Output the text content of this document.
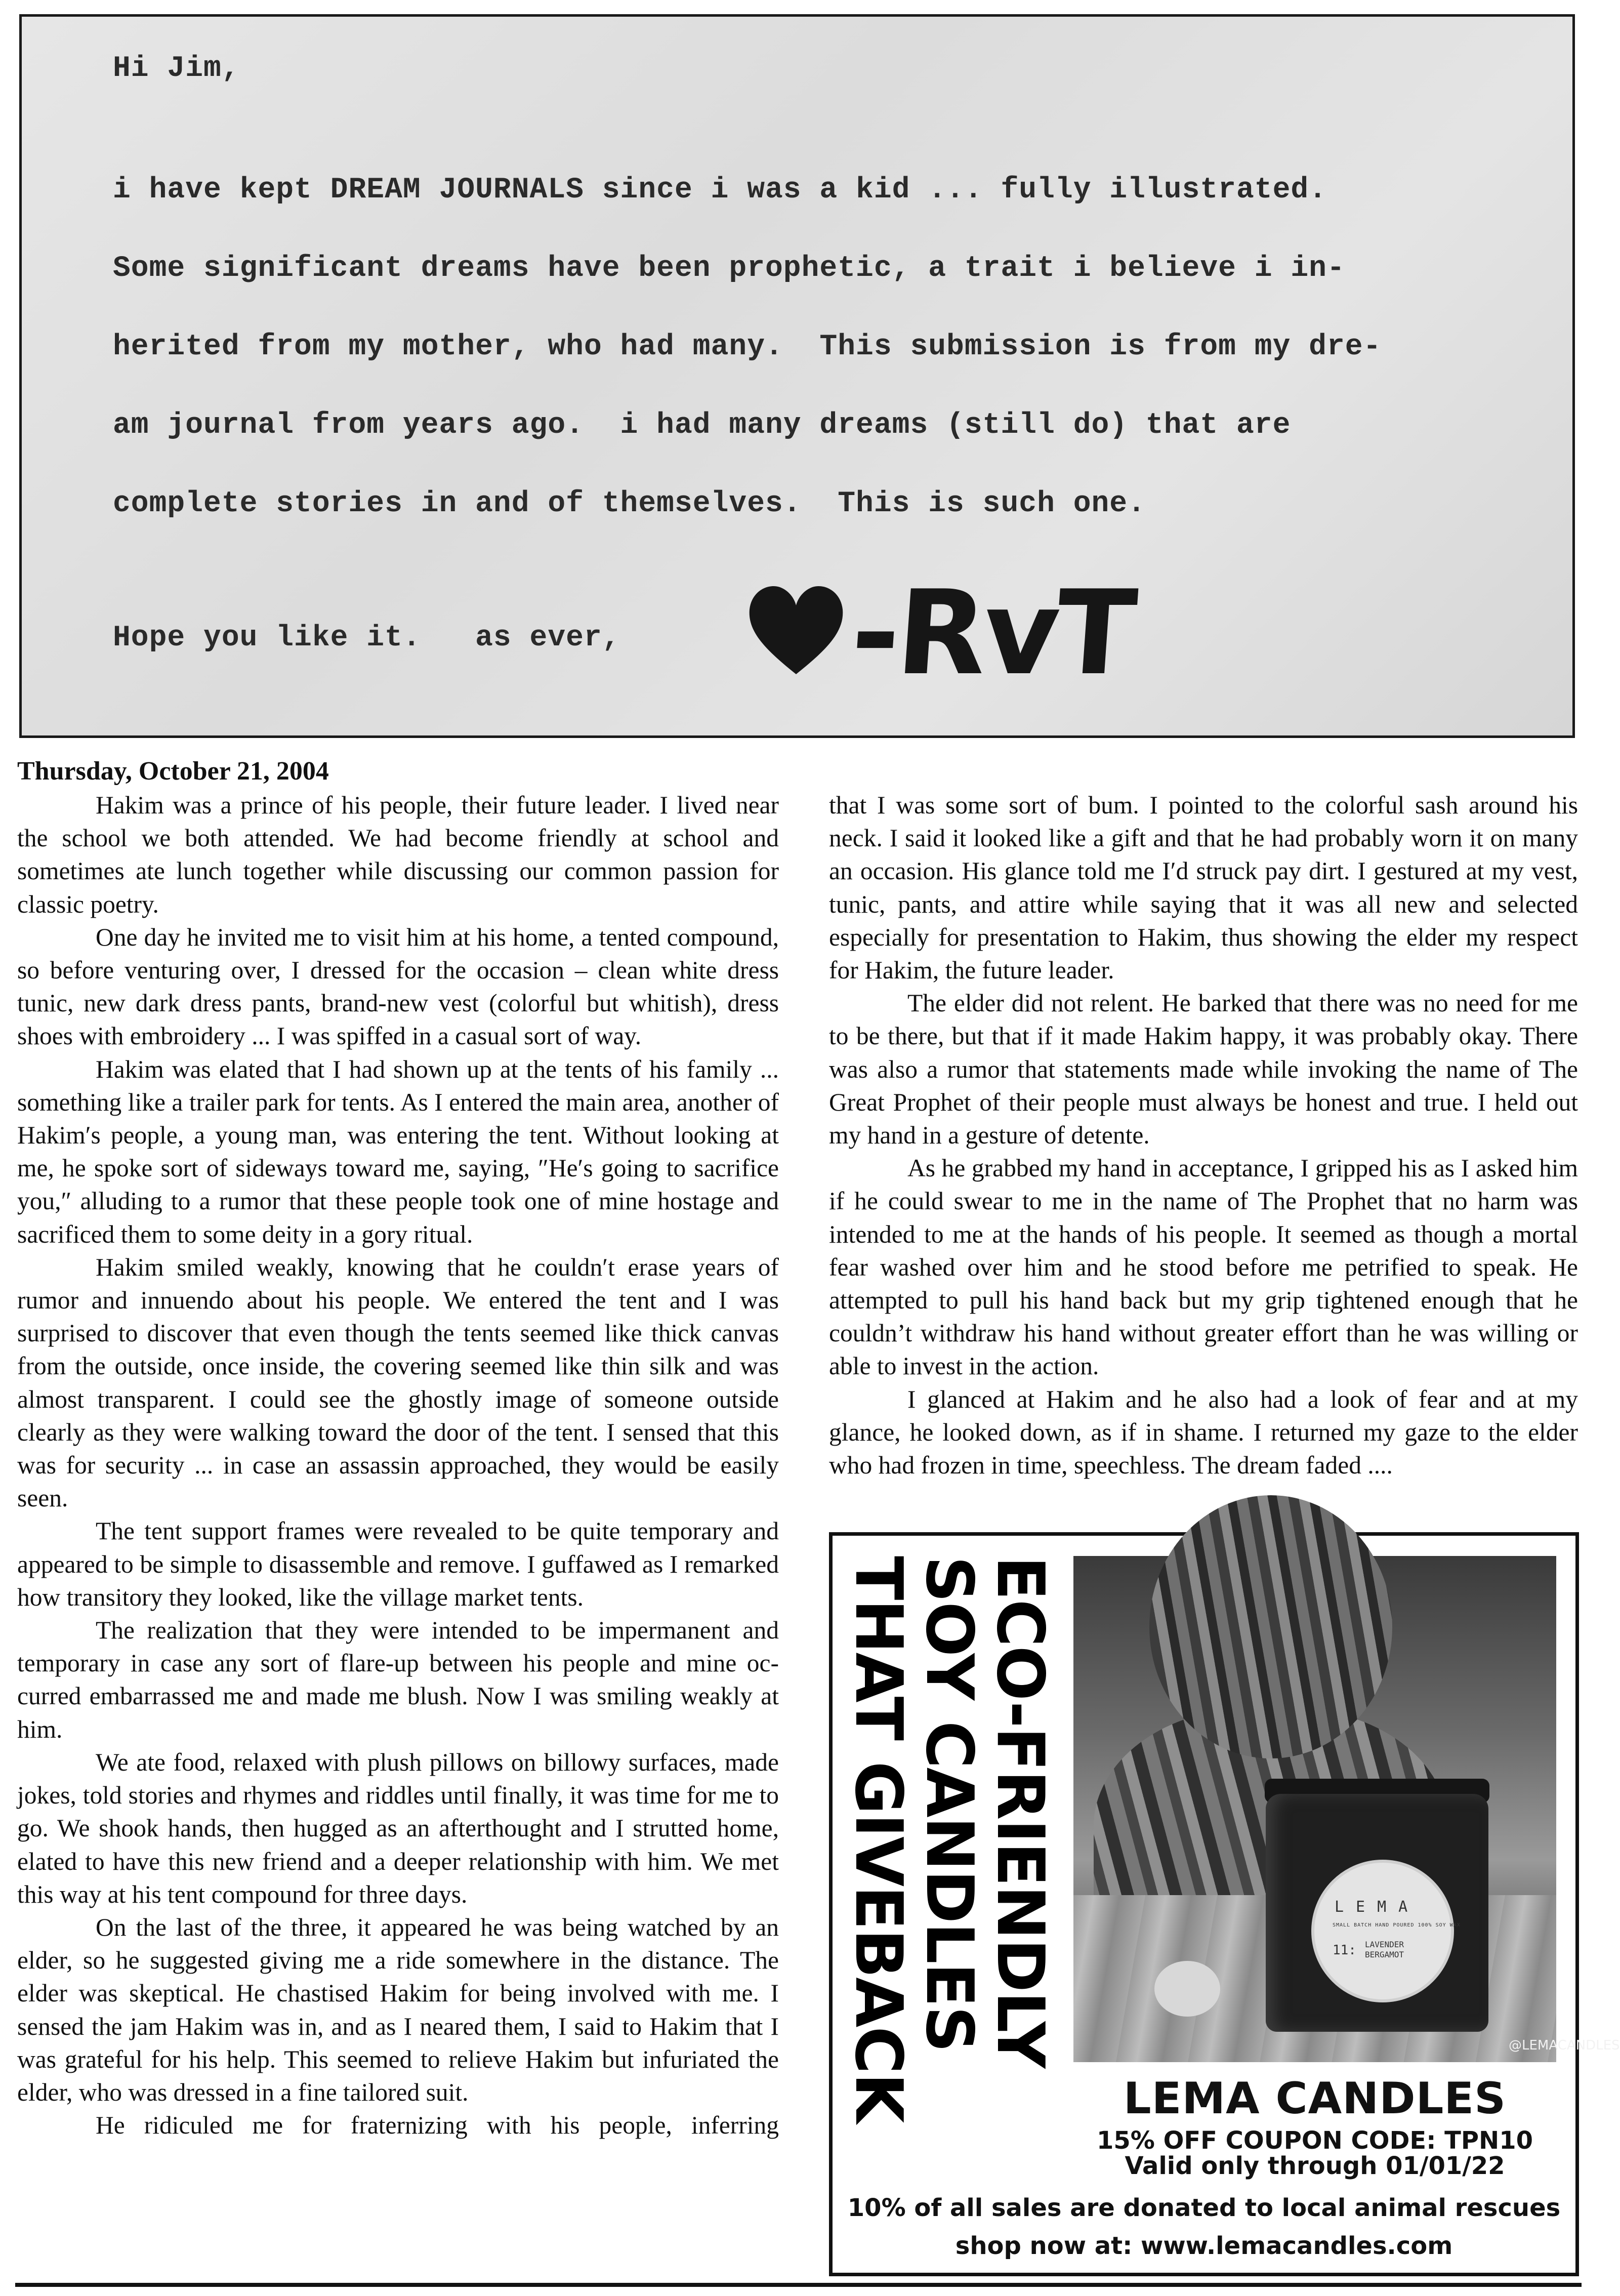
Hi Jim,
i have kept DREAM JOURNALS since i was a kid ... fully illustrated.
Some significant dreams have been prophetic, a trait i believe i in-
herited from my mother, who had many.  This submission is from my dre-
am journal from years ago.  i had many dreams (still do) that are
complete stories in and of themselves.  This is such one.
Hope you like it.   as ever, -RvT
Thursday, October 21, 2004

Hakim was a prince of his people, their future leader. I lived near the school we both attended. We had become friendly at school and sometimes ate lunch together while discussing our common passion for classic poetry.

One day he invited me to visit him at his home, a tented compound, so before venturing over, I dressed for the occasion – clean white dress tunic, new dark dress pants, brand-new vest (colorful but whitish), dress shoes with embroidery ... I was spiffed in a casual sort of way.

Hakim was elated that I had shown up at the tents of his family ... something like a trailer park for tents. As I entered the main area, another of Hakim′s people, a young man, was entering the tent. Without looking at me, he spoke sort of sideways toward me, saying, ″He′s going to sacrifice you,″ alluding to a rumor that these people took one of mine hostage and sacrificed them to some deity in a gory ritual.

Hakim smiled weakly, knowing that he couldn′t erase years of rumor and innuendo about his people. We entered the tent and I was surprised to discover that even though the tents seemed like thick canvas from the outside, once inside, the covering seemed like thin silk and was almost transparent. I could see the ghostly image of someone outside clearly as they were walking toward the door of the tent. I sensed that this was for security ... in case an assassin approached, they would be easily seen.

The tent support frames were revealed to be quite temporary and appeared to be simple to disassemble and remove. I guffawed as I remarked how transitory they looked, like the village market tents.

The realization that they were intended to be impermanent and temporary in case any sort of flare-up between his people and mine occurred embarrassed me and made me blush. Now I was smiling weakly at him.

We ate food, relaxed with plush pillows on billowy surfaces, made jokes, told stories and rhymes and riddles until finally, it was time for me to go. We shook hands, then hugged as an afterthought and I strutted home, elated to have this new friend and a deeper relationship with him. We met this way at his tent compound for three days.

On the last of the three, it appeared he was being watched by an elder, so he suggested giving me a ride somewhere in the distance. The elder was skeptical. He chastised Hakim for being involved with me. I sensed the jam Hakim was in, and as I neared them, I said to Hakim that I was grateful for his help. This seemed to relieve Hakim but infuriated the elder, who was dressed in a fine tailored suit.

He ridiculed me for fraternizing with his people, inferring

that I was some sort of bum. I pointed to the colorful sash around his neck. I said it looked like a gift and that he had probably worn it on many an occasion. His glance told me I′d struck pay dirt. I gestured at my vest, tunic, pants, and attire while saying that it was all new and selected especially for presentation to Hakim, thus showing the elder my respect for Hakim, the future leader.

The elder did not relent. He barked that there was no need for me to be there, but that if it made Hakim happy, it was probably okay. There was also a rumor that statements made while invoking the name of The Great Prophet of their people must always be honest and true. I held out my hand in a gesture of detente.

As he grabbed my hand in acceptance, I gripped his as I asked him if he could swear to me in the name of The Prophet that no harm was intended to me at the hands of his people. It seemed as though a mortal fear washed over him and he stood before me petrified to speak. He attempted to pull his hand back but my grip tightened enough that he couldn’t withdraw his hand without greater effort than he was willing or able to invest in the action.

I glanced at Hakim and he also had a look of fear and at my glance, he looked down, as if in shame. I returned my gaze to the elder who had frozen in time, speechless. The dream faded ....

ECO-FRIENDLY
SOY CANDLES
THAT GIVEBACK	LEMA
SMALL BATCH HAND POURED 100% SOY WAX
11: LAVENDER
BERGAMOT
@LEMACANDLES
LEMA CANDLES
15% OFF COUPON CODE: TPN10
Valid only through 01/01/22
10% of all sales are donated to local animal rescues
shop now at: www.lemacandles.com
